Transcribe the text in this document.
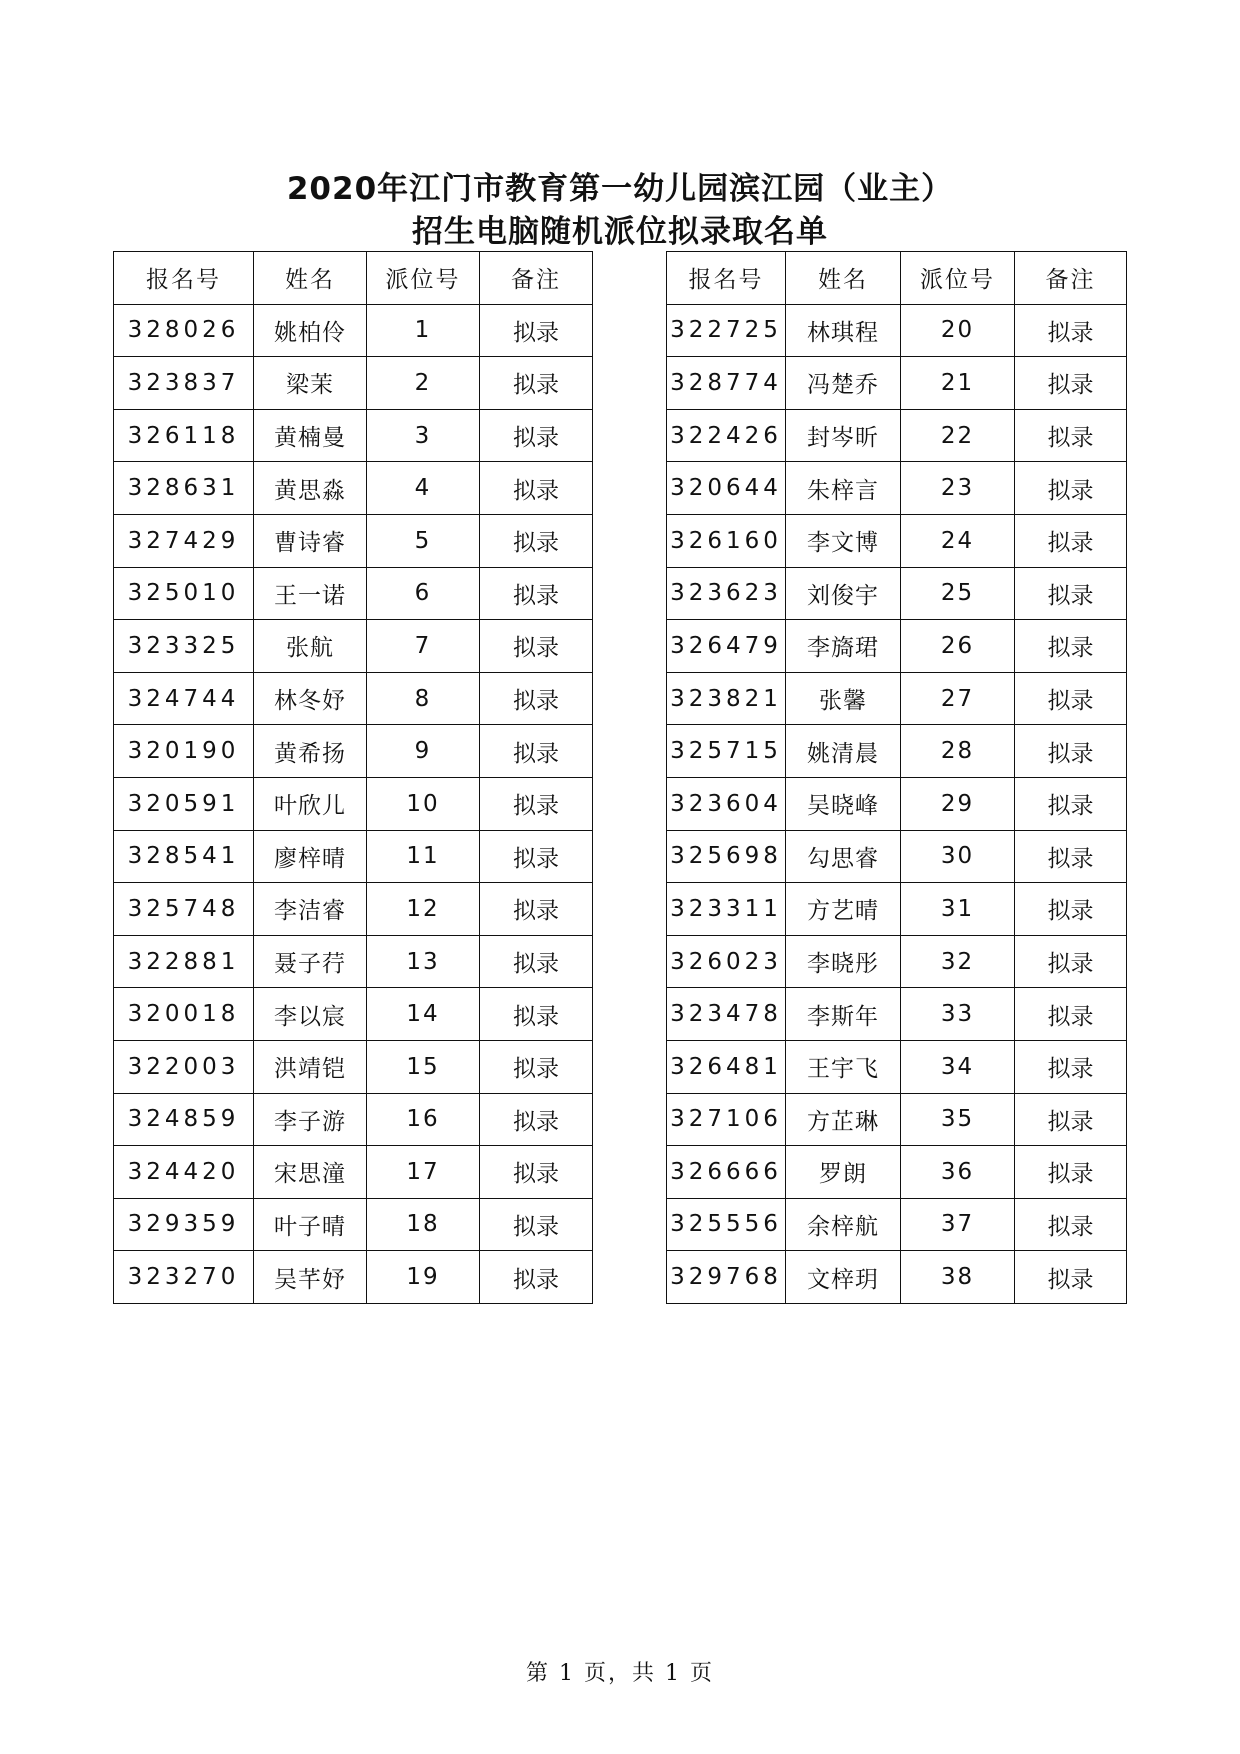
2020年江门市教育第一幼儿园滨江园（业主）
招生电脑随机派位拟录取名单
报名号	姓名	派位号	备注
328026	姚柏伶	1	拟录
323837	梁茉	2	拟录
326118	黄楠曼	3	拟录
328631	黄思淼	4	拟录
327429	曹诗睿	5	拟录
325010	王一诺	6	拟录
323325	张航	7	拟录
324744	林冬妤	8	拟录
320190	黄希扬	9	拟录
320591	叶欣儿	10	拟录
328541	廖梓晴	11	拟录
325748	李洁睿	12	拟录
322881	聂子荇	13	拟录
320018	李以宸	14	拟录
322003	洪靖铠	15	拟录
324859	李子游	16	拟录
324420	宋思潼	17	拟录
329359	叶子晴	18	拟录
323270	吴芊妤	19	拟录
报名号	姓名	派位号	备注
322725	林琪程	20	拟录
328774	冯楚乔	21	拟录
322426	封岑昕	22	拟录
320644	朱梓言	23	拟录
326160	李文博	24	拟录
323623	刘俊宇	25	拟录
326479	李旖珺	26	拟录
323821	张馨	27	拟录
325715	姚清晨	28	拟录
323604	吴晓峰	29	拟录
325698	勾思睿	30	拟录
323311	方艺晴	31	拟录
326023	李晓彤	32	拟录
323478	李斯年	33	拟录
326481	王宇飞	34	拟录
327106	方芷琳	35	拟录
326666	罗朗	36	拟录
325556	余梓航	37	拟录
329768	文梓玥	38	拟录
第 1 页，共 1 页
